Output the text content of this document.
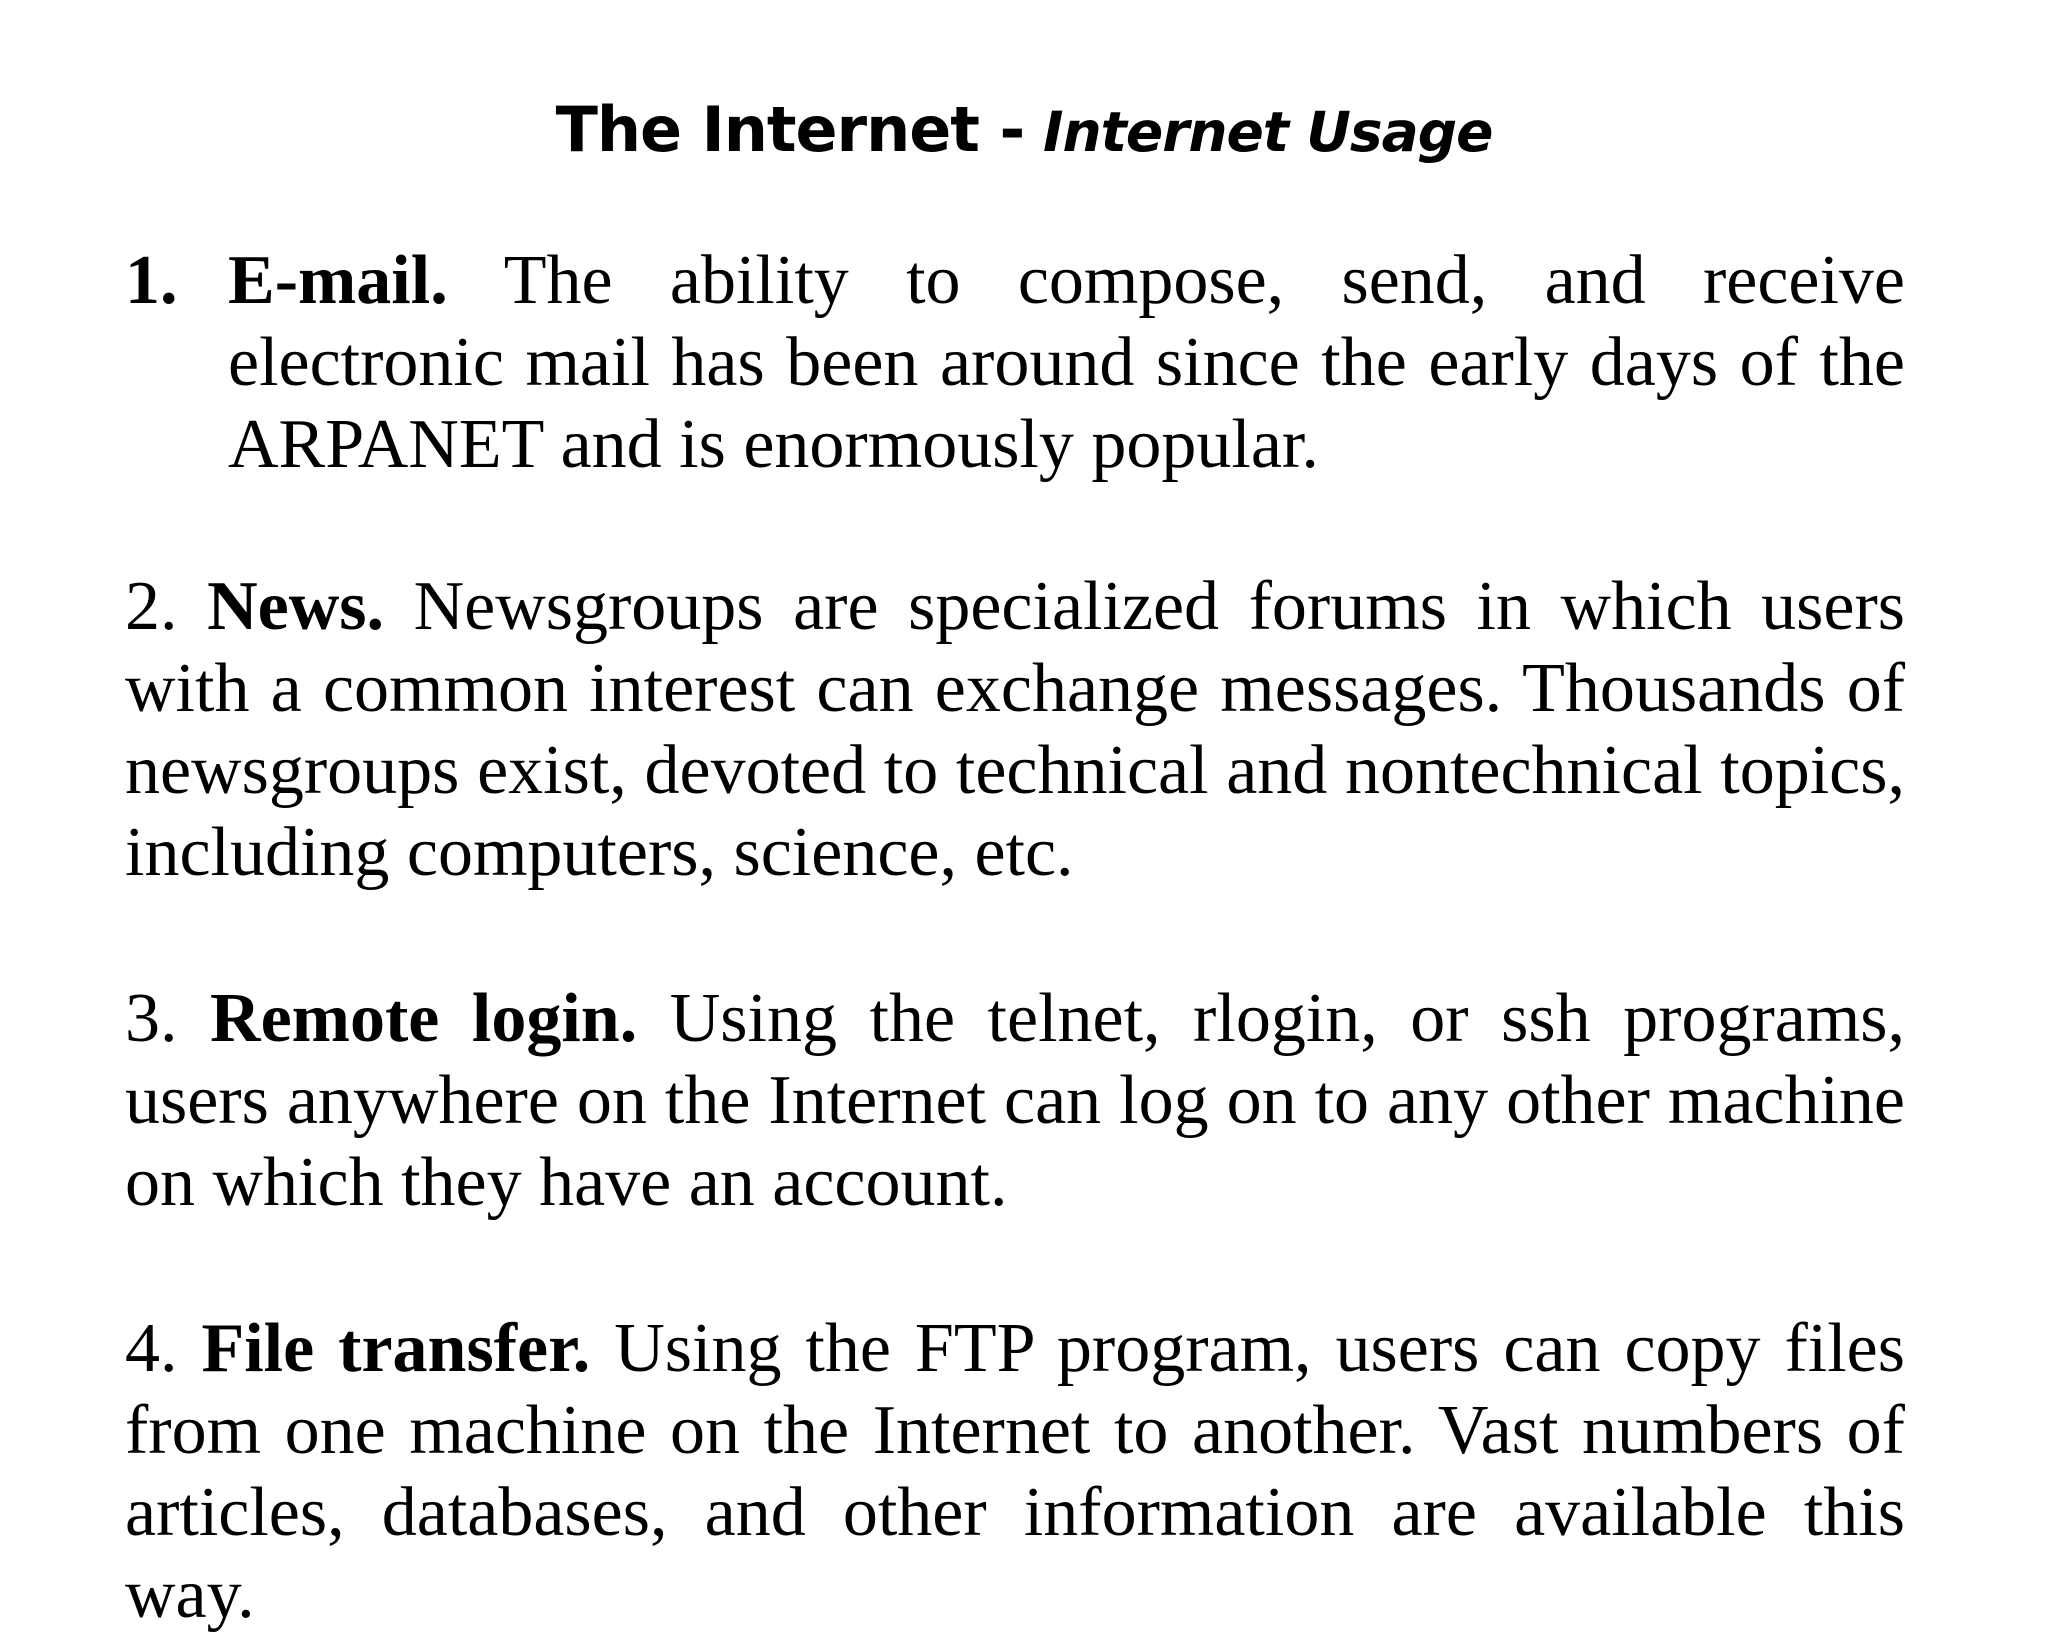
The Internet - Internet Usage
1. E-mail. The ability to compose, send, and receive electronic mail has been around since the early days of the ARPANET and is enormously popular.

2. News. Newsgroups are specialized forums in which users with a common interest can exchange messages. Thousands of newsgroups exist, devoted to technical and nontechnical topics, including computers, science, etc.

3. Remote login. Using the telnet, rlogin, or ssh programs, users anywhere on the Internet can log on to any other machine on which they have an account.

4. File transfer. Using the FTP program, users can copy files from one machine on the Internet to another. Vast numbers of articles, databases, and other information are available this way.
